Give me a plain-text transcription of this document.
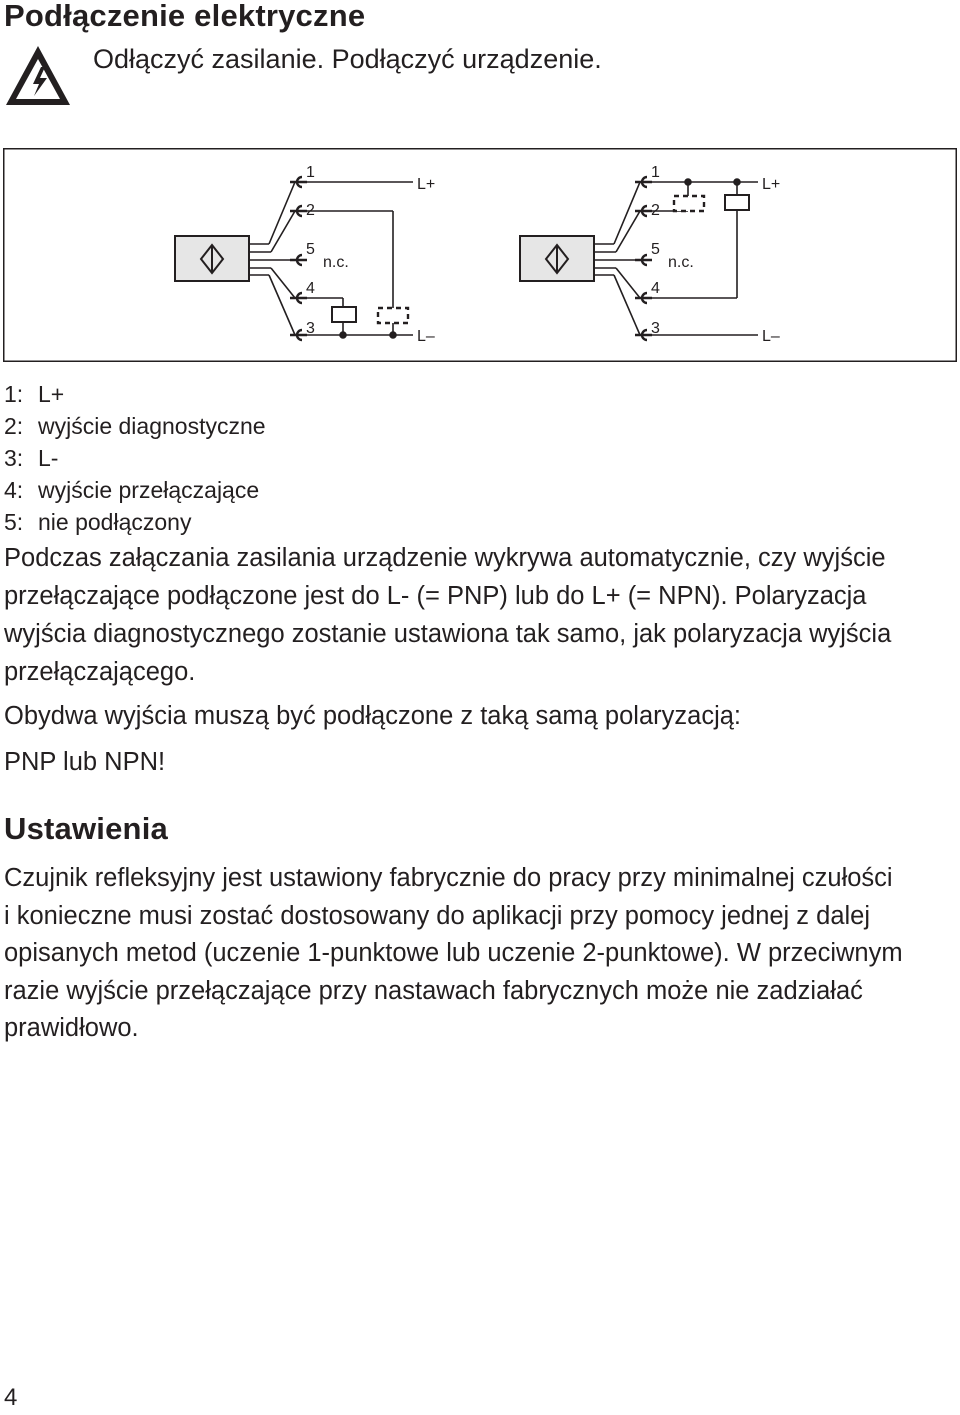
Podłączenie elektryczne
Odłączyć zasilanie. Podłączyć urządzenie.
1
2
5
4
3
n.c.
L+
L–
1
2
5
4
3
n.c.
L+
L–
1: L+
2: wyjście diagnostyczne
3: L-
4: wyjście przełączające
5: nie podłączony
Podczas załączania zasilania urządzenie wykrywa automatycznie, czy wyjście
przełączające podłączone jest do L- (= PNP) lub do L+ (= NPN). Polaryzacja
wyjścia diagnostycznego zostanie ustawiona tak samo, jak polaryzacja wyjścia
przełączającego.
Obydwa wyjścia muszą być podłączone z taką samą polaryzacją:
PNP lub NPN!
Ustawienia
Czujnik refleksyjny jest ustawiony fabrycznie do pracy przy minimalnej czułości
i konieczne musi zostać dostosowany do aplikacji przy pomocy jednej z dalej
opisanych metod (uczenie 1-punktowe lub uczenie 2-punktowe). W przeciwnym
razie wyjście przełączające przy nastawach fabrycznych może nie zadziałać
prawidłowo.
4
